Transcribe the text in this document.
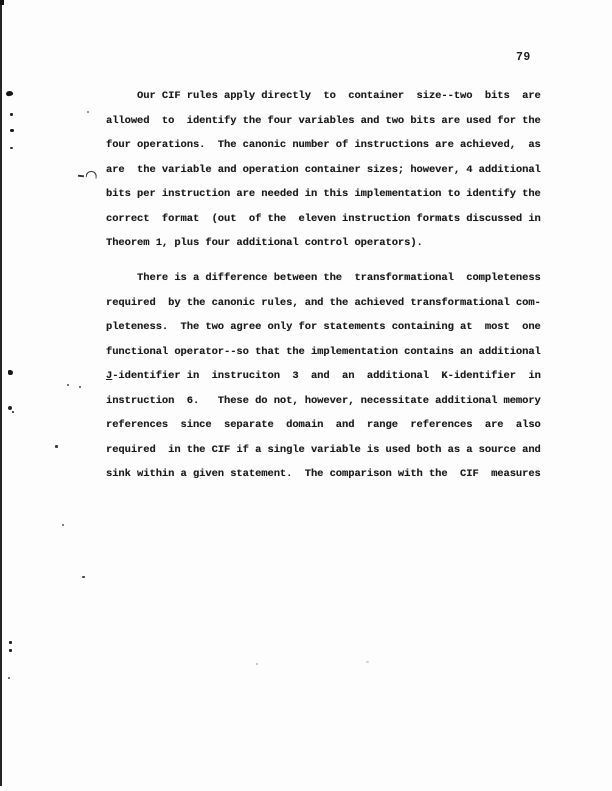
79
Our CIF rules apply directly  to  container  size--two  bits  are
allowed  to  identify the four variables and two bits are used for the
four operations.  The canonic number of instructions are achieved,  as
are  the variable and operation container sizes; however, 4 additional
bits per instruction are needed in this implementation to identify the
correct  format  (out  of the  eleven instruction formats discussed in
Theorem 1, plus four additional control operators).
There is a difference between the  transformational  completeness
required  by the canonic rules, and the achieved transformational com-
pleteness.  The two agree only for statements containing at  most  one
functional operator--so that the implementation contains an additional
J-identifier in  instruciton  3  and  an  additional  K-identifier  in
instruction  6.   These do not, however, necessitate additional memory
references  since  separate  domain  and  range  references  are  also
required  in the CIF if a single variable is used both as a source and
sink within a given statement.  The comparison with the  CIF  measures
